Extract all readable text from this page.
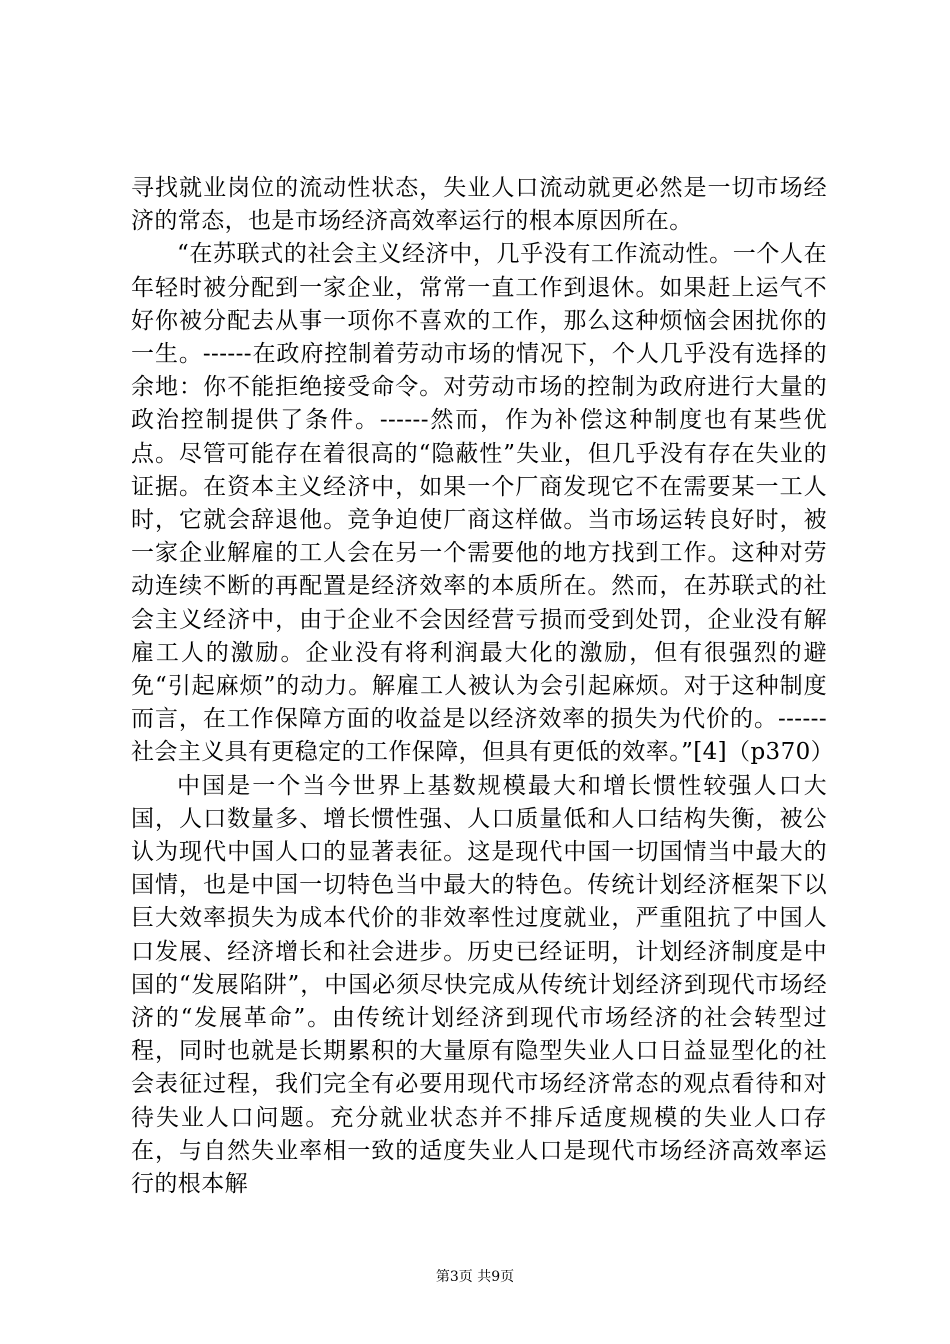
寻找就业岗位的流动性状态，失业人口流动就更必然是一切市场经济的常态，也是市场经济高效率运行的根本原因所在。

“在苏联式的社会主义经济中，几乎没有工作流动性。一个人在年轻时被分配到一家企业，常常一直工作到退休。如果赶上运气不好你被分配去从事一项你不喜欢的工作，那么这种烦恼会困扰你的一生。------在政府控制着劳动市场的情况下，个人几乎没有选择的余地：你不能拒绝接受命令。对劳动市场的控制为政府进行大量的政治控制提供了条件。------然而，作为补偿这种制度也有某些优点。尽管可能存在着很高的“隐蔽性”失业，但几乎没有存在失业的证据。在资本主义经济中，如果一个厂商发现它不在需要某一工人时，它就会辞退他。竞争迫使厂商这样做。当市场运转良好时，被一家企业解雇的工人会在另一个需要他的地方找到工作。这种对劳动连续不断的再配置是经济效率的本质所在。然而，在苏联式的社会主义经济中，由于企业不会因经营亏损而受到处罚，企业没有解雇工人的激励。企业没有将利润最大化的激励，但有很强烈的避免“引起麻烦”的动力。解雇工人被认为会引起麻烦。对于这种制度而言，在工作保障方面的收益是以经济效率的损失为代价的。------社会主义具有更稳定的工作保障，但具有更低的效率。”[4]（p370）

中国是一个当今世界上基数规模最大和增长惯性较强人口大国，人口数量多、增长惯性强、人口质量低和人口结构失衡，被公认为现代中国人口的显著表征。这是现代中国一切国情当中最大的国情，也是中国一切特色当中最大的特色。传统计划经济框架下以巨大效率损失为成本代价的非效率性过度就业，严重阻抗了中国人口发展、经济增长和社会进步。历史已经证明，计划经济制度是中国的“发展陷阱”，中国必须尽快完成从传统计划经济到现代市场经济的“发展革命”。由传统计划经济到现代市场经济的社会转型过程，同时也就是长期累积的大量原有隐型失业人口日益显型化的社会表征过程，我们完全有必要用现代市场经济常态的观点看待和对待失业人口问题。充分就业状态并不排斥适度规模的失业人口存在，与自然失业率相一致的适度失业人口是现代市场经济高效率运行的根本解

第3页 共9页
